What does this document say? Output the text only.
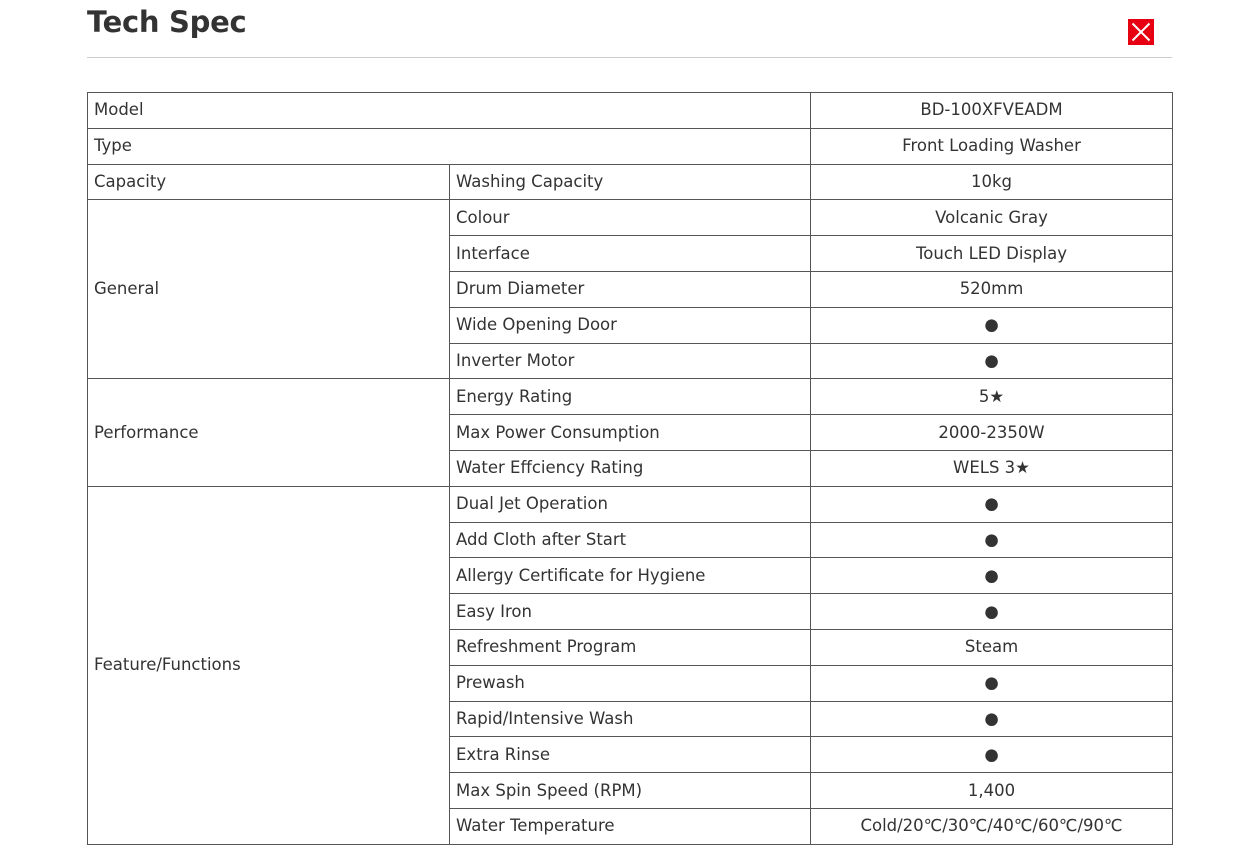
Tech Spec
Model		BD-100XFVEADM
Type		Front Loading Washer
Capacity	Washing Capacity	10kg
General	Colour	Volcanic Gray
	Interface	Touch LED Display
	Drum Diameter	520mm
	Wide Opening Door	●
	Inverter Motor	●
Performance	Energy Rating	5★
	Max Power Consumption	2000-2350W
	Water Effciency Rating	WELS 3★
Feature/Functions	Dual Jet Operation	●
	Add Cloth after Start	●
	Allergy Certificate for Hygiene	●
	Easy Iron	●
	Refreshment Program	Steam
	Prewash	●
	Rapid/Intensive Wash	●
	Extra Rinse	●
	Max Spin Speed (RPM)	1,400
	Water Temperature	Cold/20℃/30℃/40℃/60℃/90℃
